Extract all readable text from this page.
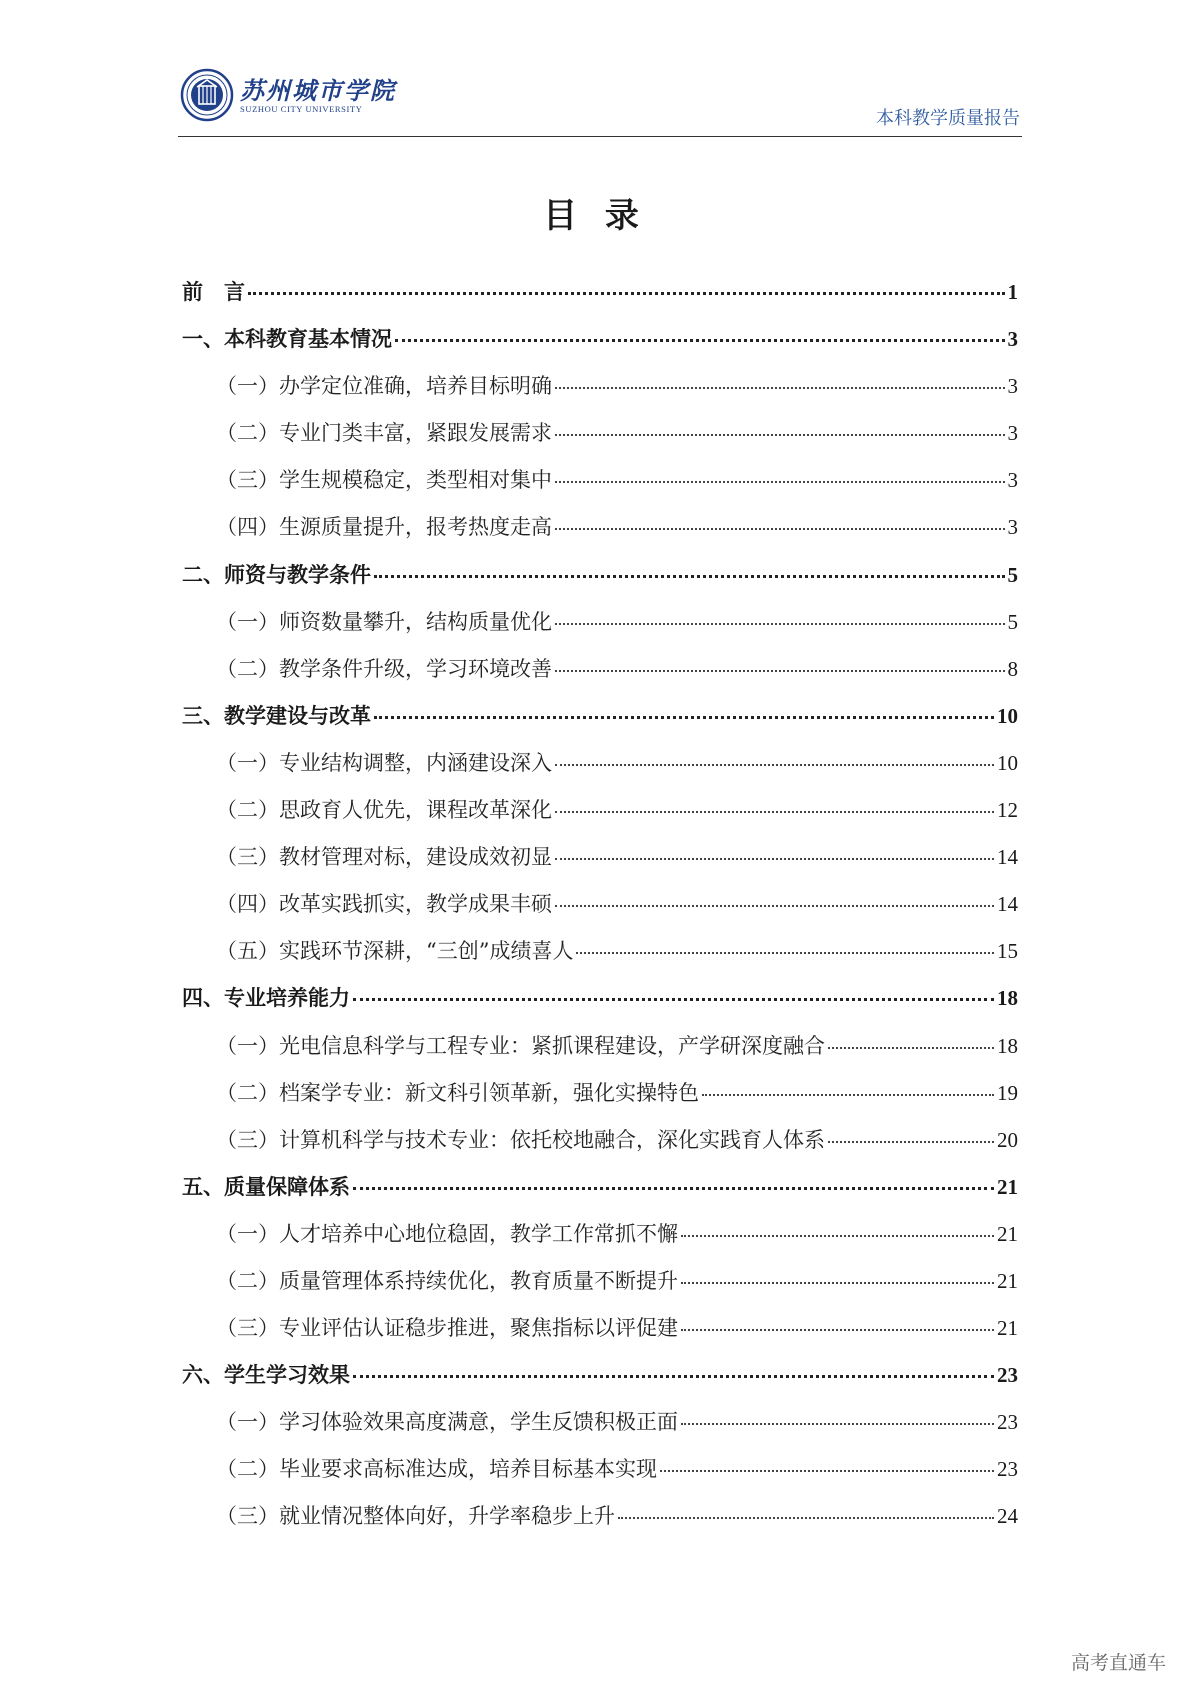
苏州城市学院
SUZHOU CITY UNIVERSITY	本科教学质量报告
目 录
前　言	1
一、本科教育基本情况	3
（一）办学定位准确，培养目标明确	3
（二）专业门类丰富，紧跟发展需求	3
（三）学生规模稳定，类型相对集中	3
（四）生源质量提升，报考热度走高	3
二、师资与教学条件	5
（一）师资数量攀升，结构质量优化	5
（二）教学条件升级，学习环境改善	8
三、教学建设与改革	10
（一）专业结构调整，内涵建设深入	10
（二）思政育人优先，课程改革深化	12
（三）教材管理对标，建设成效初显	14
（四）改革实践抓实，教学成果丰硕	14
（五）实践环节深耕，“三创”成绩喜人	15
四、专业培养能力	18
（一）光电信息科学与工程专业：紧抓课程建设，产学研深度融合	18
（二）档案学专业：新文科引领革新，强化实操特色	19
（三）计算机科学与技术专业：依托校地融合，深化实践育人体系	20
五、质量保障体系	21
（一）人才培养中心地位稳固，教学工作常抓不懈	21
（二）质量管理体系持续优化，教育质量不断提升	21
（三）专业评估认证稳步推进，聚焦指标以评促建	21
六、学生学习效果	23
（一）学习体验效果高度满意，学生反馈积极正面	23
（二）毕业要求高标准达成，培养目标基本实现	23
（三）就业情况整体向好，升学率稳步上升	24
高考直通车
